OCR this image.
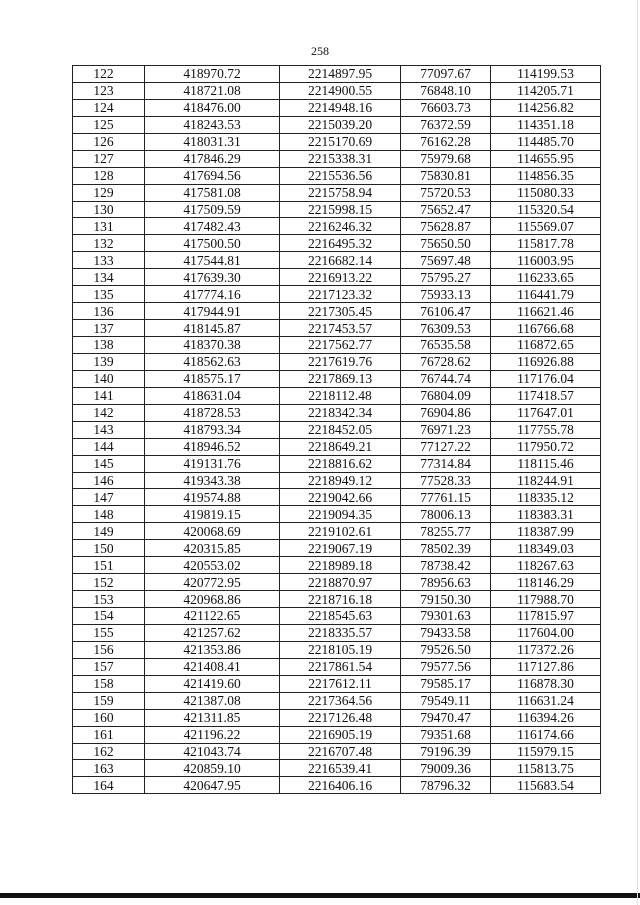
258
122	418970.72	2214897.95	77097.67	114199.53
123	418721.08	2214900.55	76848.10	114205.71
124	418476.00	2214948.16	76603.73	114256.82
125	418243.53	2215039.20	76372.59	114351.18
126	418031.31	2215170.69	76162.28	114485.70
127	417846.29	2215338.31	75979.68	114655.95
128	417694.56	2215536.56	75830.81	114856.35
129	417581.08	2215758.94	75720.53	115080.33
130	417509.59	2215998.15	75652.47	115320.54
131	417482.43	2216246.32	75628.87	115569.07
132	417500.50	2216495.32	75650.50	115817.78
133	417544.81	2216682.14	75697.48	116003.95
134	417639.30	2216913.22	75795.27	116233.65
135	417774.16	2217123.32	75933.13	116441.79
136	417944.91	2217305.45	76106.47	116621.46
137	418145.87	2217453.57	76309.53	116766.68
138	418370.38	2217562.77	76535.58	116872.65
139	418562.63	2217619.76	76728.62	116926.88
140	418575.17	2217869.13	76744.74	117176.04
141	418631.04	2218112.48	76804.09	117418.57
142	418728.53	2218342.34	76904.86	117647.01
143	418793.34	2218452.05	76971.23	117755.78
144	418946.52	2218649.21	77127.22	117950.72
145	419131.76	2218816.62	77314.84	118115.46
146	419343.38	2218949.12	77528.33	118244.91
147	419574.88	2219042.66	77761.15	118335.12
148	419819.15	2219094.35	78006.13	118383.31
149	420068.69	2219102.61	78255.77	118387.99
150	420315.85	2219067.19	78502.39	118349.03
151	420553.02	2218989.18	78738.42	118267.63
152	420772.95	2218870.97	78956.63	118146.29
153	420968.86	2218716.18	79150.30	117988.70
154	421122.65	2218545.63	79301.63	117815.97
155	421257.62	2218335.57	79433.58	117604.00
156	421353.86	2218105.19	79526.50	117372.26
157	421408.41	2217861.54	79577.56	117127.86
158	421419.60	2217612.11	79585.17	116878.30
159	421387.08	2217364.56	79549.11	116631.24
160	421311.85	2217126.48	79470.47	116394.26
161	421196.22	2216905.19	79351.68	116174.66
162	421043.74	2216707.48	79196.39	115979.15
163	420859.10	2216539.41	79009.36	115813.75
164	420647.95	2216406.16	78796.32	115683.54
